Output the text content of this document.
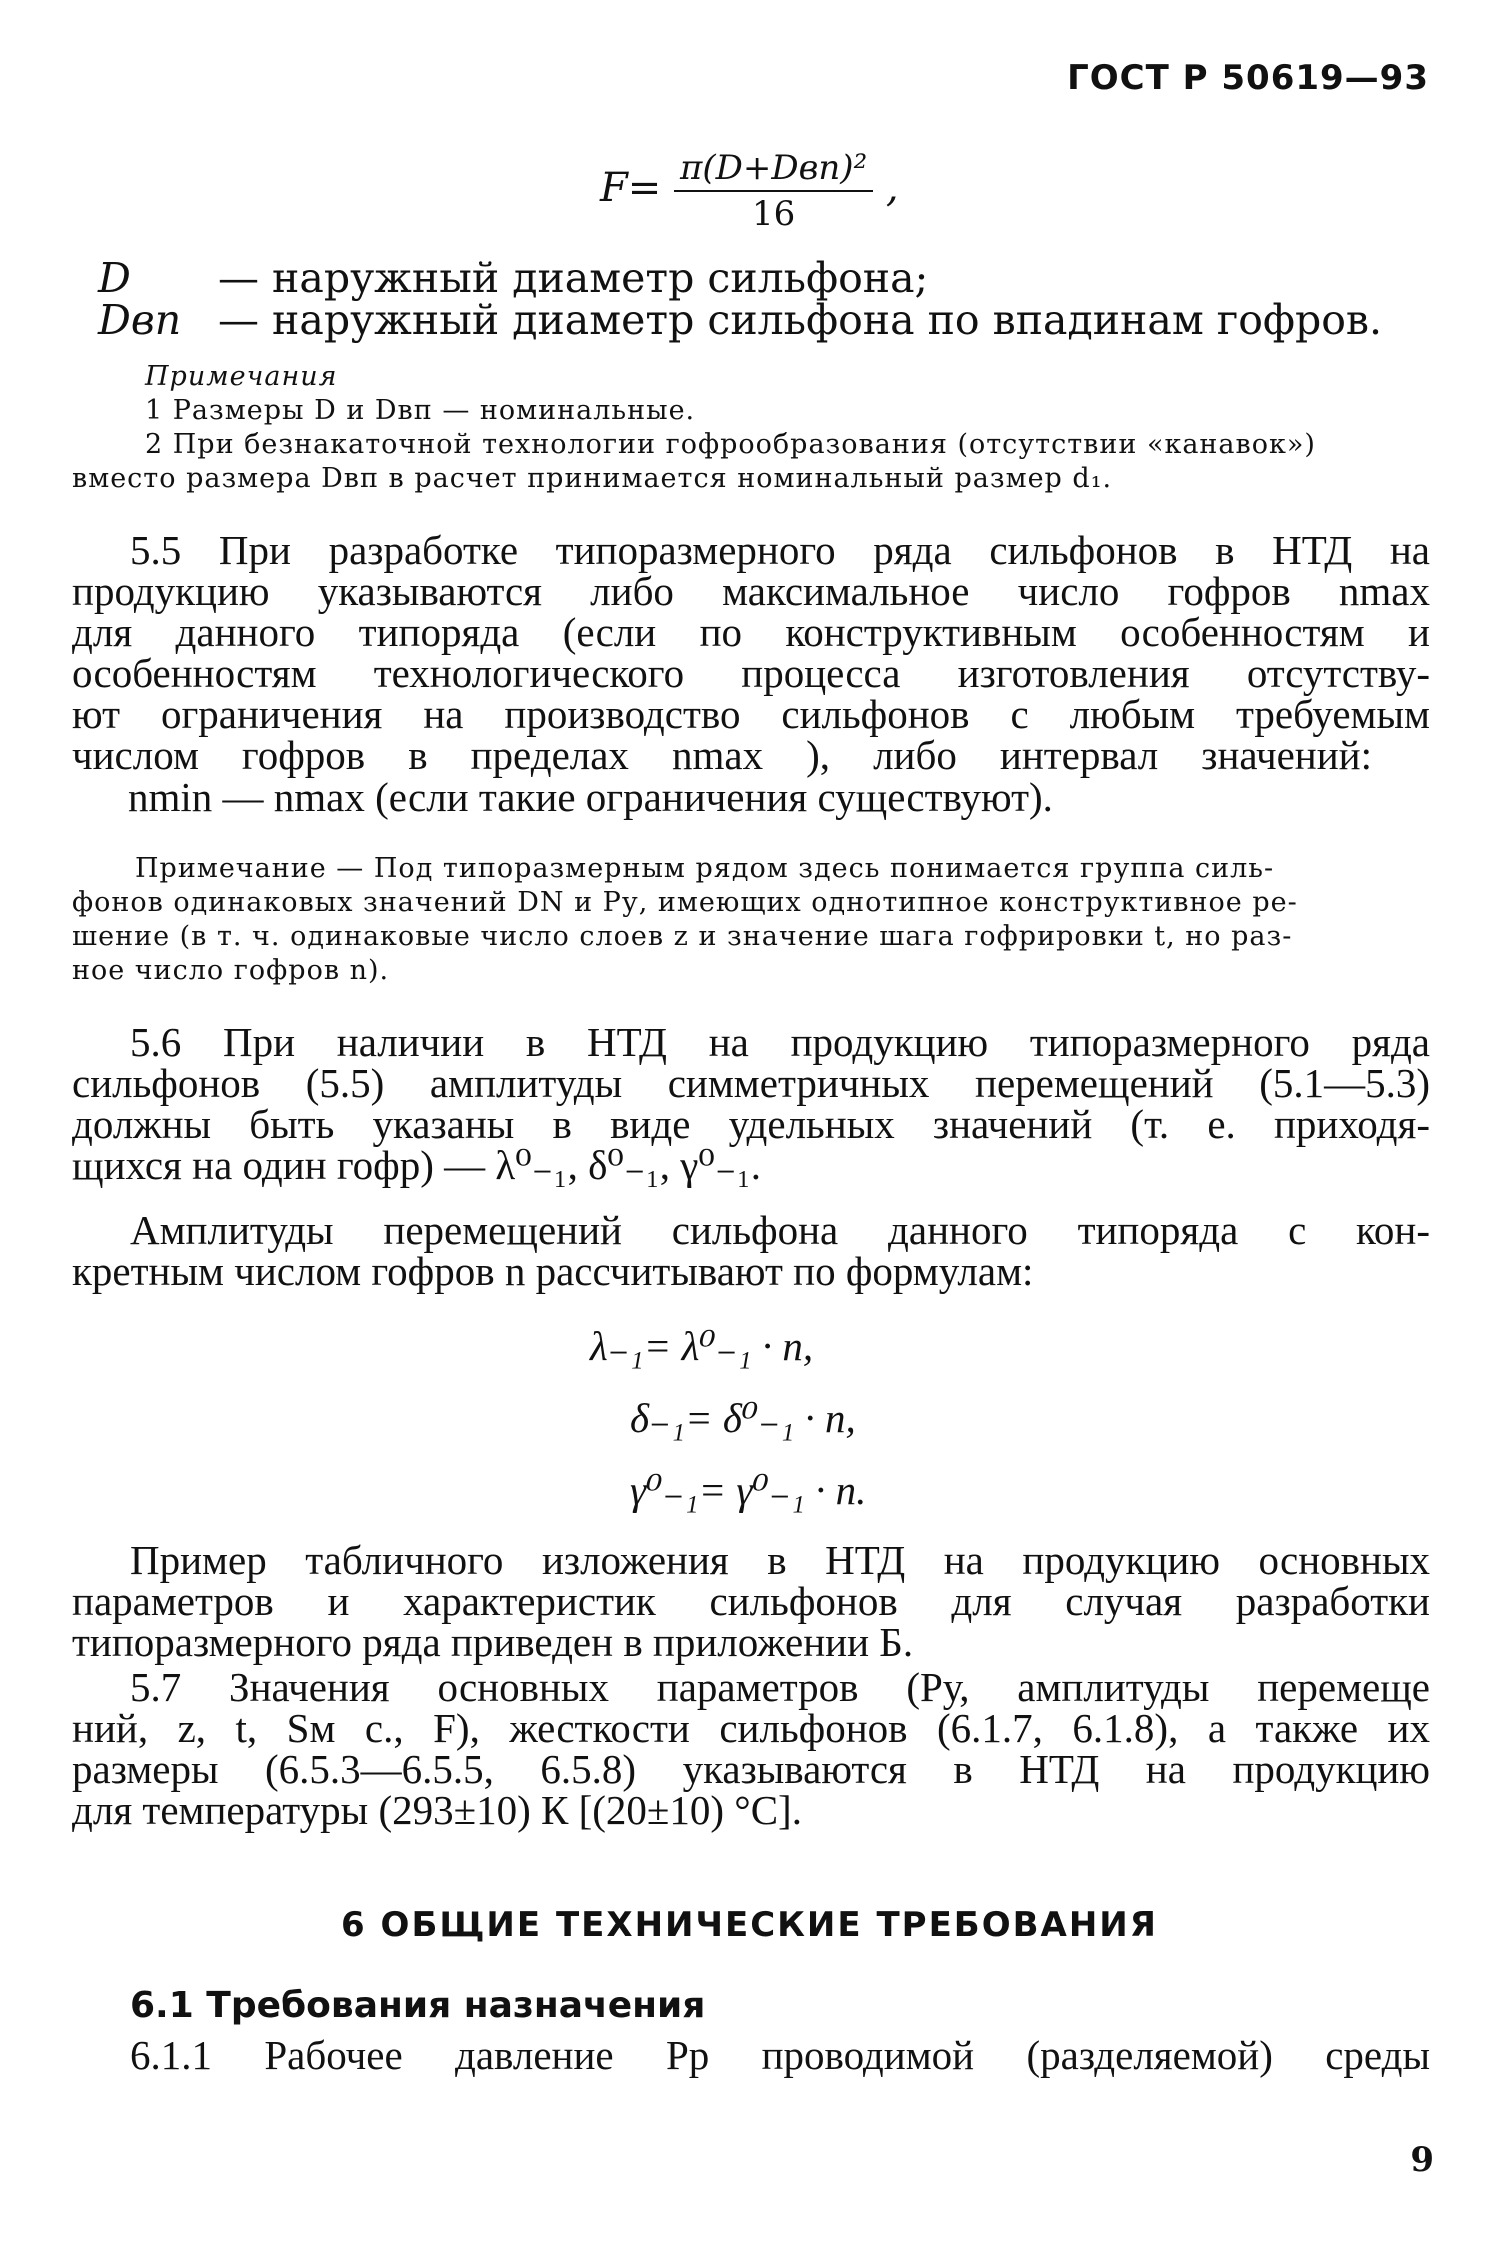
ГОСТ Р 50619—93
$F= \frac{\text{π(D+Dвп)²}}{16}$ ,
D — наружный диаметр сильфона;
Dвп — наружный диаметр сильфона по впадинам гофров.
Примечания
1 Размеры D и Dвп — номинальные.
2 При безнакаточной технологии гофрообразования (отсутствии «канавок»)
вместо размера Dвп в расчет принимается номинальный размер d₁.
5.5 При разработке типоразмерного ряда сильфонов в НТД на
продукцию указываются либо максимальное число гофров nmax
для данного типоряда (если по конструктивным особенностям и
особенностям технологического процесса изготовления отсутству-
ют ограничения на производство сильфонов с любым требуемым
числом гофров в пределах nmax ), либо интервал значений:
nmin — nmax (если такие ограничения существуют).
Примечание — Под типоразмерным рядом здесь понимается группа силь-
фонов одинаковых значений DN и Pу, имеющих однотипное конструктивное ре-
шение (в т. ч. одинаковые число слоев z и значение шага гофрировки t, но раз-
ное число гофров n).
5.6 При наличии в НТД на продукцию типоразмерного ряда
сильфонов (5.5) амплитуды симметричных перемещений (5.1—5.3)
должны быть указаны в виде удельных значений (т. е. приходя-
щихся на один гофр) — λ⁰₋₁, δ⁰₋₁, γ⁰₋₁.
Амплитуды перемещений сильфона данного типоряда с кон-
кретным числом гофров n рассчитывают по формулам:
λ₋₁= λ⁰₋₁ · n,
δ₋₁= δ⁰₋₁ · n,
γ⁰₋₁= γ⁰₋₁ · n.
Пример табличного изложения в НТД на продукцию основных
параметров и характеристик сильфонов для случая разработки
типоразмерного ряда приведен в приложении Б.
5.7 Значения основных параметров (Pу, амплитуды перемеще
ний, z, t, Sм с., F), жесткости сильфонов (6.1.7, 6.1.8), а также их
размеры (6.5.3—6.5.5, 6.5.8) указываются в НТД на продукцию
для температуры (293±10) К [(20±10) °С].
6 ОБЩИЕ ТЕХНИЧЕСКИЕ ТРЕБОВАНИЯ
6.1 Требования назначения
6.1.1 Рабочее давление Pр проводимой (разделяемой) среды
9
